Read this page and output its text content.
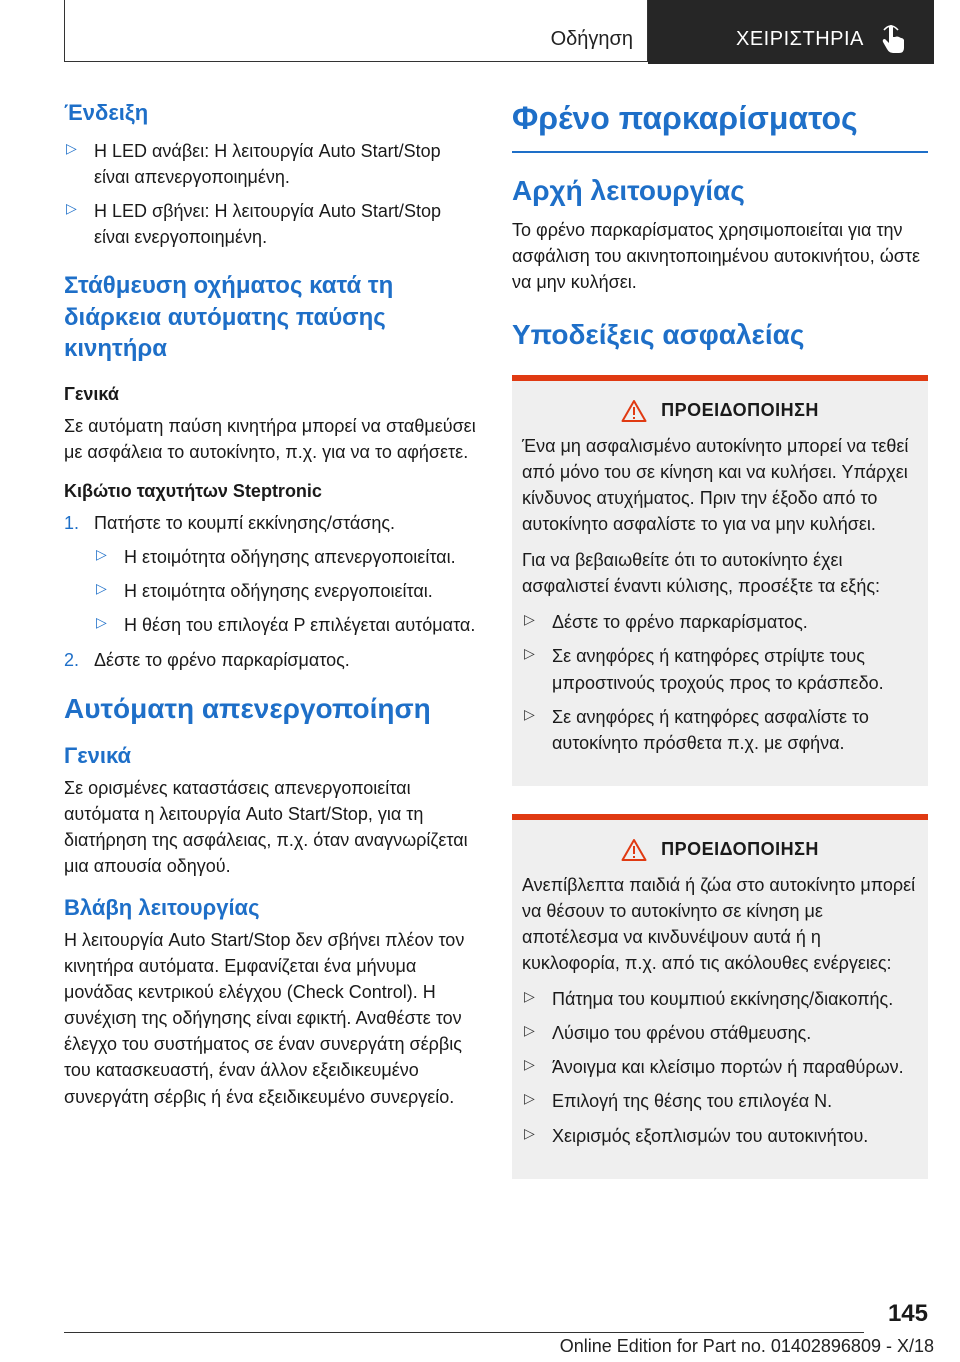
Οδήγηση	ΧΕΙΡΙΣΤΗΡΙΑ
Ένδειξη
▷ Η LED ανάβει: Η λειτουργία Auto Start/Stop είναι απενεργοποιημένη.
▷ Η LED σβήνει: Η λειτουργία Auto Start/Stop είναι ενεργοποιημένη.
Στάθμευση οχήματος κατά τη διάρκεια αυτόματης παύσης κινητήρα
Γενικά

Σε αυτόματη παύση κινητήρα μπορεί να σταθμεύσει με ασφάλεια το αυτοκίνητο, π.χ. για να το αφήσετε.

Κιβώτιο ταχυτήτων Steptronic
1. Πατήστε το κουμπί εκκίνησης/στάσης.
▷ Η ετοιμότητα οδήγησης απενεργοποιείται.
▷ Η ετοιμότητα οδήγησης ενεργοποιείται.
▷ Η θέση του επιλογέα P επιλέγεται αυτόματα.
2. Δέστε το φρένο παρκαρίσματος.
Αυτόματη απενεργοποίηση
Γενικά

Σε ορισμένες καταστάσεις απενεργοποιείται αυτόματα η λειτουργία Auto Start/Stop, για τη διατήρηση της ασφάλειας, π.χ. όταν αναγνωρίζεται μια απουσία οδηγού.

Βλάβη λειτουργίας

Η λειτουργία Auto Start/Stop δεν σβήνει πλέον τον κινητήρα αυτόματα. Εμφανίζεται ένα μήνυμα μονάδας κεντρικού ελέγχου (Check Control). Η συνέχιση της οδήγησης είναι εφικτή. Αναθέστε τον έλεγχο του συστήματος σε έναν συνεργάτη σέρβις του κατασκευαστή, έναν άλλον εξειδικευμένο συνεργάτη σέρβις ή ένα εξειδικευμένο συνεργείο.

Φρένο παρκαρίσματος
Αρχή λειτουργίας

Το φρένο παρκαρίσματος χρησιμοποιείται για την ασφάλιση του ακινητοποιημένου αυτοκινήτου, ώστε να μην κυλήσει.

Υποδείξεις ασφαλείας
ΠΡΟΕΙΔΟΠΟΙΗΣΗ

Ένα μη ασφαλισμένο αυτοκίνητο μπορεί να τεθεί από μόνο του σε κίνηση και να κυλήσει. Υπάρχει κίνδυνος ατυχήματος. Πριν την έξοδο από το αυτοκίνητο ασφαλίστε το για να μην κυλήσει.

Για να βεβαιωθείτε ότι το αυτοκίνητο έχει ασφαλιστεί έναντι κύλισης, προσέξτε τα εξής:

▷ Δέστε το φρένο παρκαρίσματος.
▷ Σε ανηφόρες ή κατηφόρες στρίψτε τους μπροστινούς τροχούς προς το κράσπεδο.
▷ Σε ανηφόρες ή κατηφόρες ασφαλίστε το αυτοκίνητο πρόσθετα π.χ. με σφήνα.
ΠΡΟΕΙΔΟΠΟΙΗΣΗ

Ανεπίβλεπτα παιδιά ή ζώα στο αυτοκίνητο μπορεί να θέσουν το αυτοκίνητο σε κίνηση με αποτέλεσμα να κινδυνέψουν αυτά ή η κυκλοφορία, π.χ. από τις ακόλουθες ενέργειες:

▷ Πάτημα του κουμπιού εκκίνησης/διακοπής.
▷ Λύσιμο του φρένου στάθμευσης.
▷ Άνοιγμα και κλείσιμο πορτών ή παραθύρων.
▷ Επιλογή της θέσης του επιλογέα N.
▷ Χειρισμός εξοπλισμών του αυτοκινήτου.
145
Online Edition for Part no. 01402896809 - X/18
